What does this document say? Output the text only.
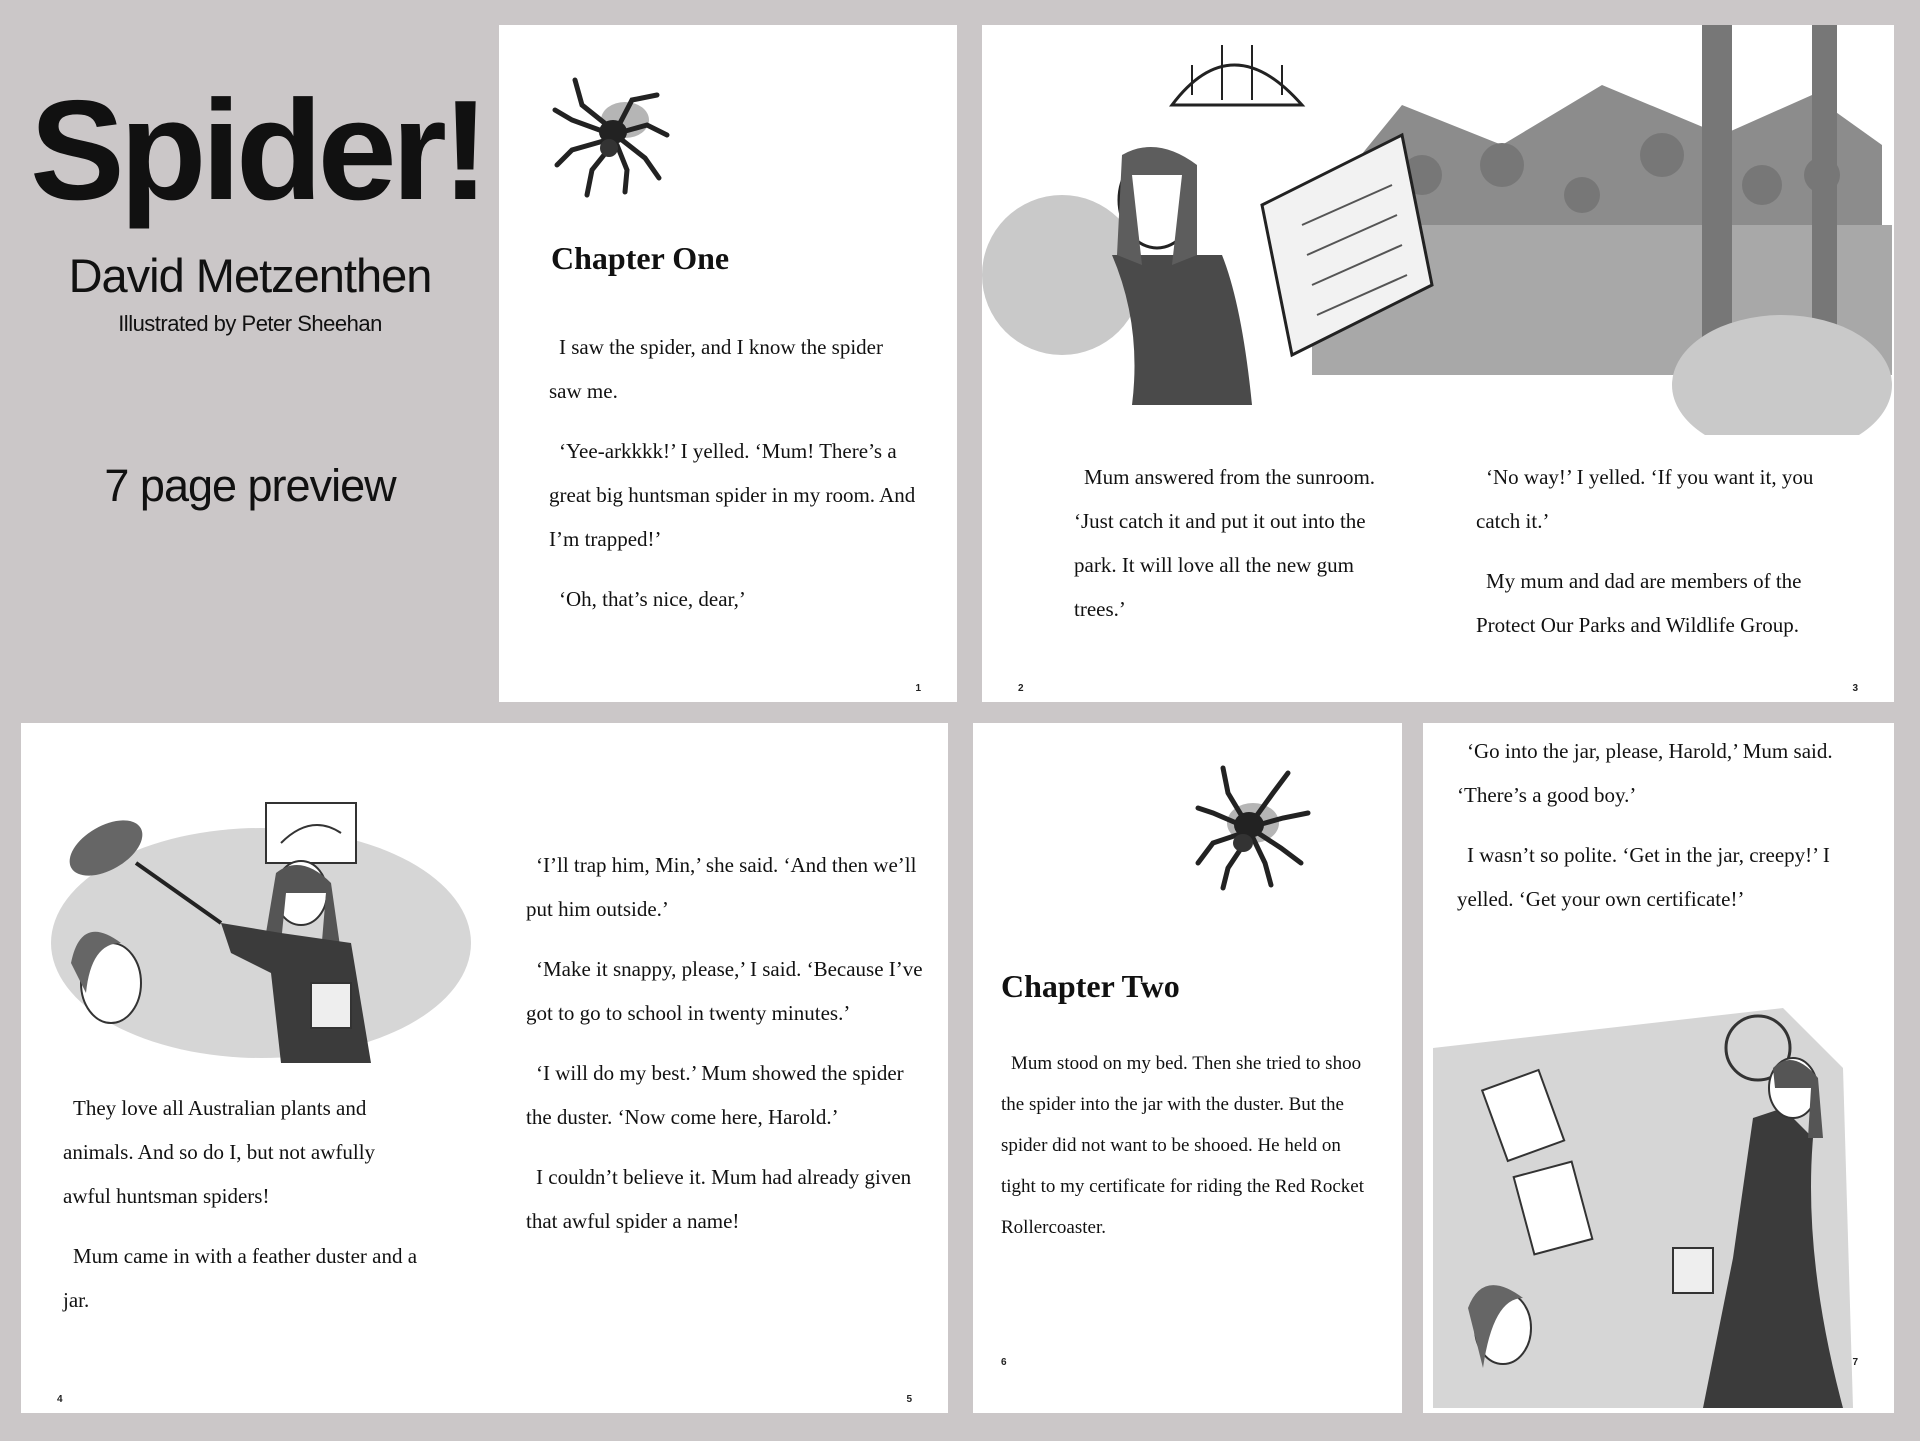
Spider!
David Metzenthen
Illustrated by Peter Sheehan
7 page preview
Chapter One

I saw the spider, and I know the spider saw me.

‘Yee-arkkkk!’ I yelled. ‘Mum! There’s a great big huntsman spider in my room. And I’m trapped!’

‘Oh, that’s nice, dear,’

1

Mum answered from the sunroom. ‘Just catch it and put it out into the park. It will love all the new gum trees.’

‘No way!’ I yelled. ‘If you want it, you catch it.’

My mum and dad are members of the Protect Our Parks and Wildlife Group.

2	3

They love all Australian plants and animals. And so do I, but not awfully awful huntsman spiders!

Mum came in with a feather duster and a jar.

‘I’ll trap him, Min,’ she said. ‘And then we’ll put him outside.’

‘Make it snappy, please,’ I said. ‘Because I’ve got to go to school in twenty minutes.’

‘I will do my best.’ Mum showed the spider the duster. ‘Now come here, Harold.’

I couldn’t believe it. Mum had already given that awful spider a name!

4	5
Chapter Two

Mum stood on my bed. Then she tried to shoo the spider into the jar with the duster. But the spider did not want to be shooed. He held on tight to my certificate for riding the Red Rocket Rollercoaster.

6

‘Go into the jar, please, Harold,’ Mum said. ‘There’s a good boy.’

I wasn’t so polite. ‘Get in the jar, creepy!’ I yelled. ‘Get your own certificate!’

7
